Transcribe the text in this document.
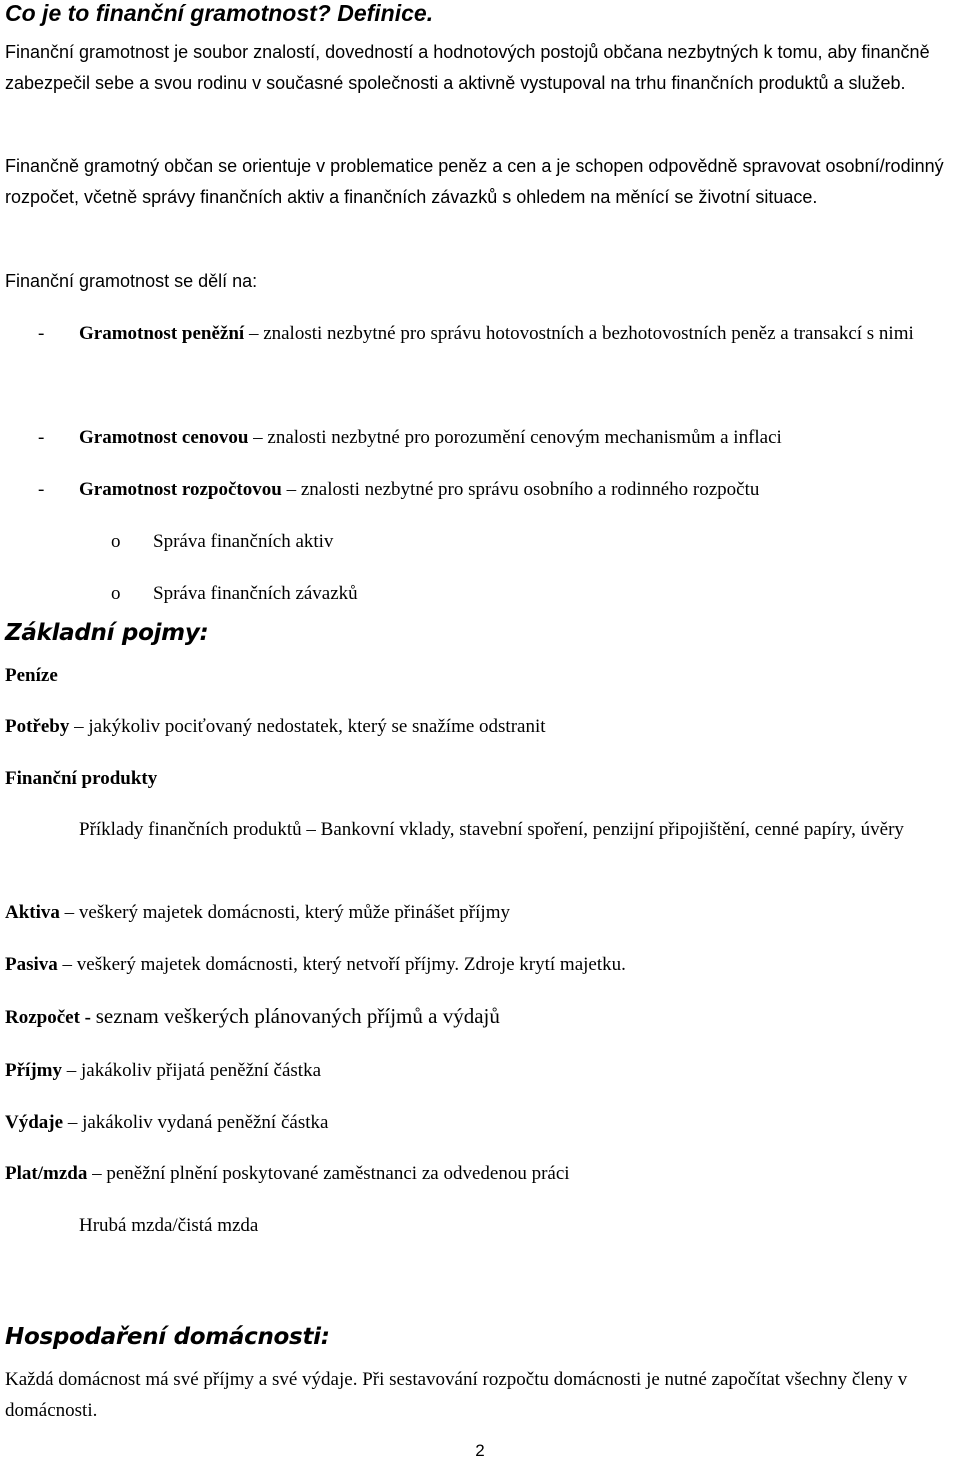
Co je to finanční gramotnost? Definice.

Finanční gramotnost je soubor znalostí, dovedností a hodnotových postojů občana nezbytných k tomu, aby finančně zabezpečil sebe a svou rodinu v současné společnosti a aktivně vystupoval na trhu finančních produktů a služeb.

Finančně gramotný občan se orientuje v problematice peněz a cen a je schopen odpovědně spravovat osobní/rodinný rozpočet, včetně správy finančních aktiv a finančních závazků s ohledem na měnící se životní situace.

Finanční gramotnost se dělí na:

- Gramotnost peněžní – znalosti nezbytné pro správu hotovostních a bezhotovostních peněz a transakcí s nimi
- Gramotnost cenovou – znalosti nezbytné pro porozumění cenovým mechanismům a inflaci
- Gramotnost rozpočtovou – znalosti nezbytné pro správu osobního a rodinného rozpočtu
o Správa finančních aktiv
o Správa finančních závazků
Základní pojmy:

Peníze

Potřeby – jakýkoliv pociťovaný nedostatek, který se snažíme odstranit

Finanční produkty

Příklady finančních produktů – Bankovní vklady, stavební spoření, penzijní připojištění, cenné papíry, úvěry

Aktiva – veškerý majetek domácnosti, který může přinášet příjmy

Pasiva – veškerý majetek domácnosti, který netvoří příjmy. Zdroje krytí majetku.

Rozpočet - seznam veškerých plánovaných příjmů a výdajů

Příjmy – jakákoliv přijatá peněžní částka

Výdaje – jakákoliv vydaná peněžní částka

Plat/mzda – peněžní plnění poskytované zaměstnanci za odvedenou práci

Hrubá mzda/čistá mzda

Hospodaření domácnosti:

Každá domácnost má své příjmy a své výdaje. Při sestavování rozpočtu domácnosti je nutné započítat všechny členy v domácnosti.

2
